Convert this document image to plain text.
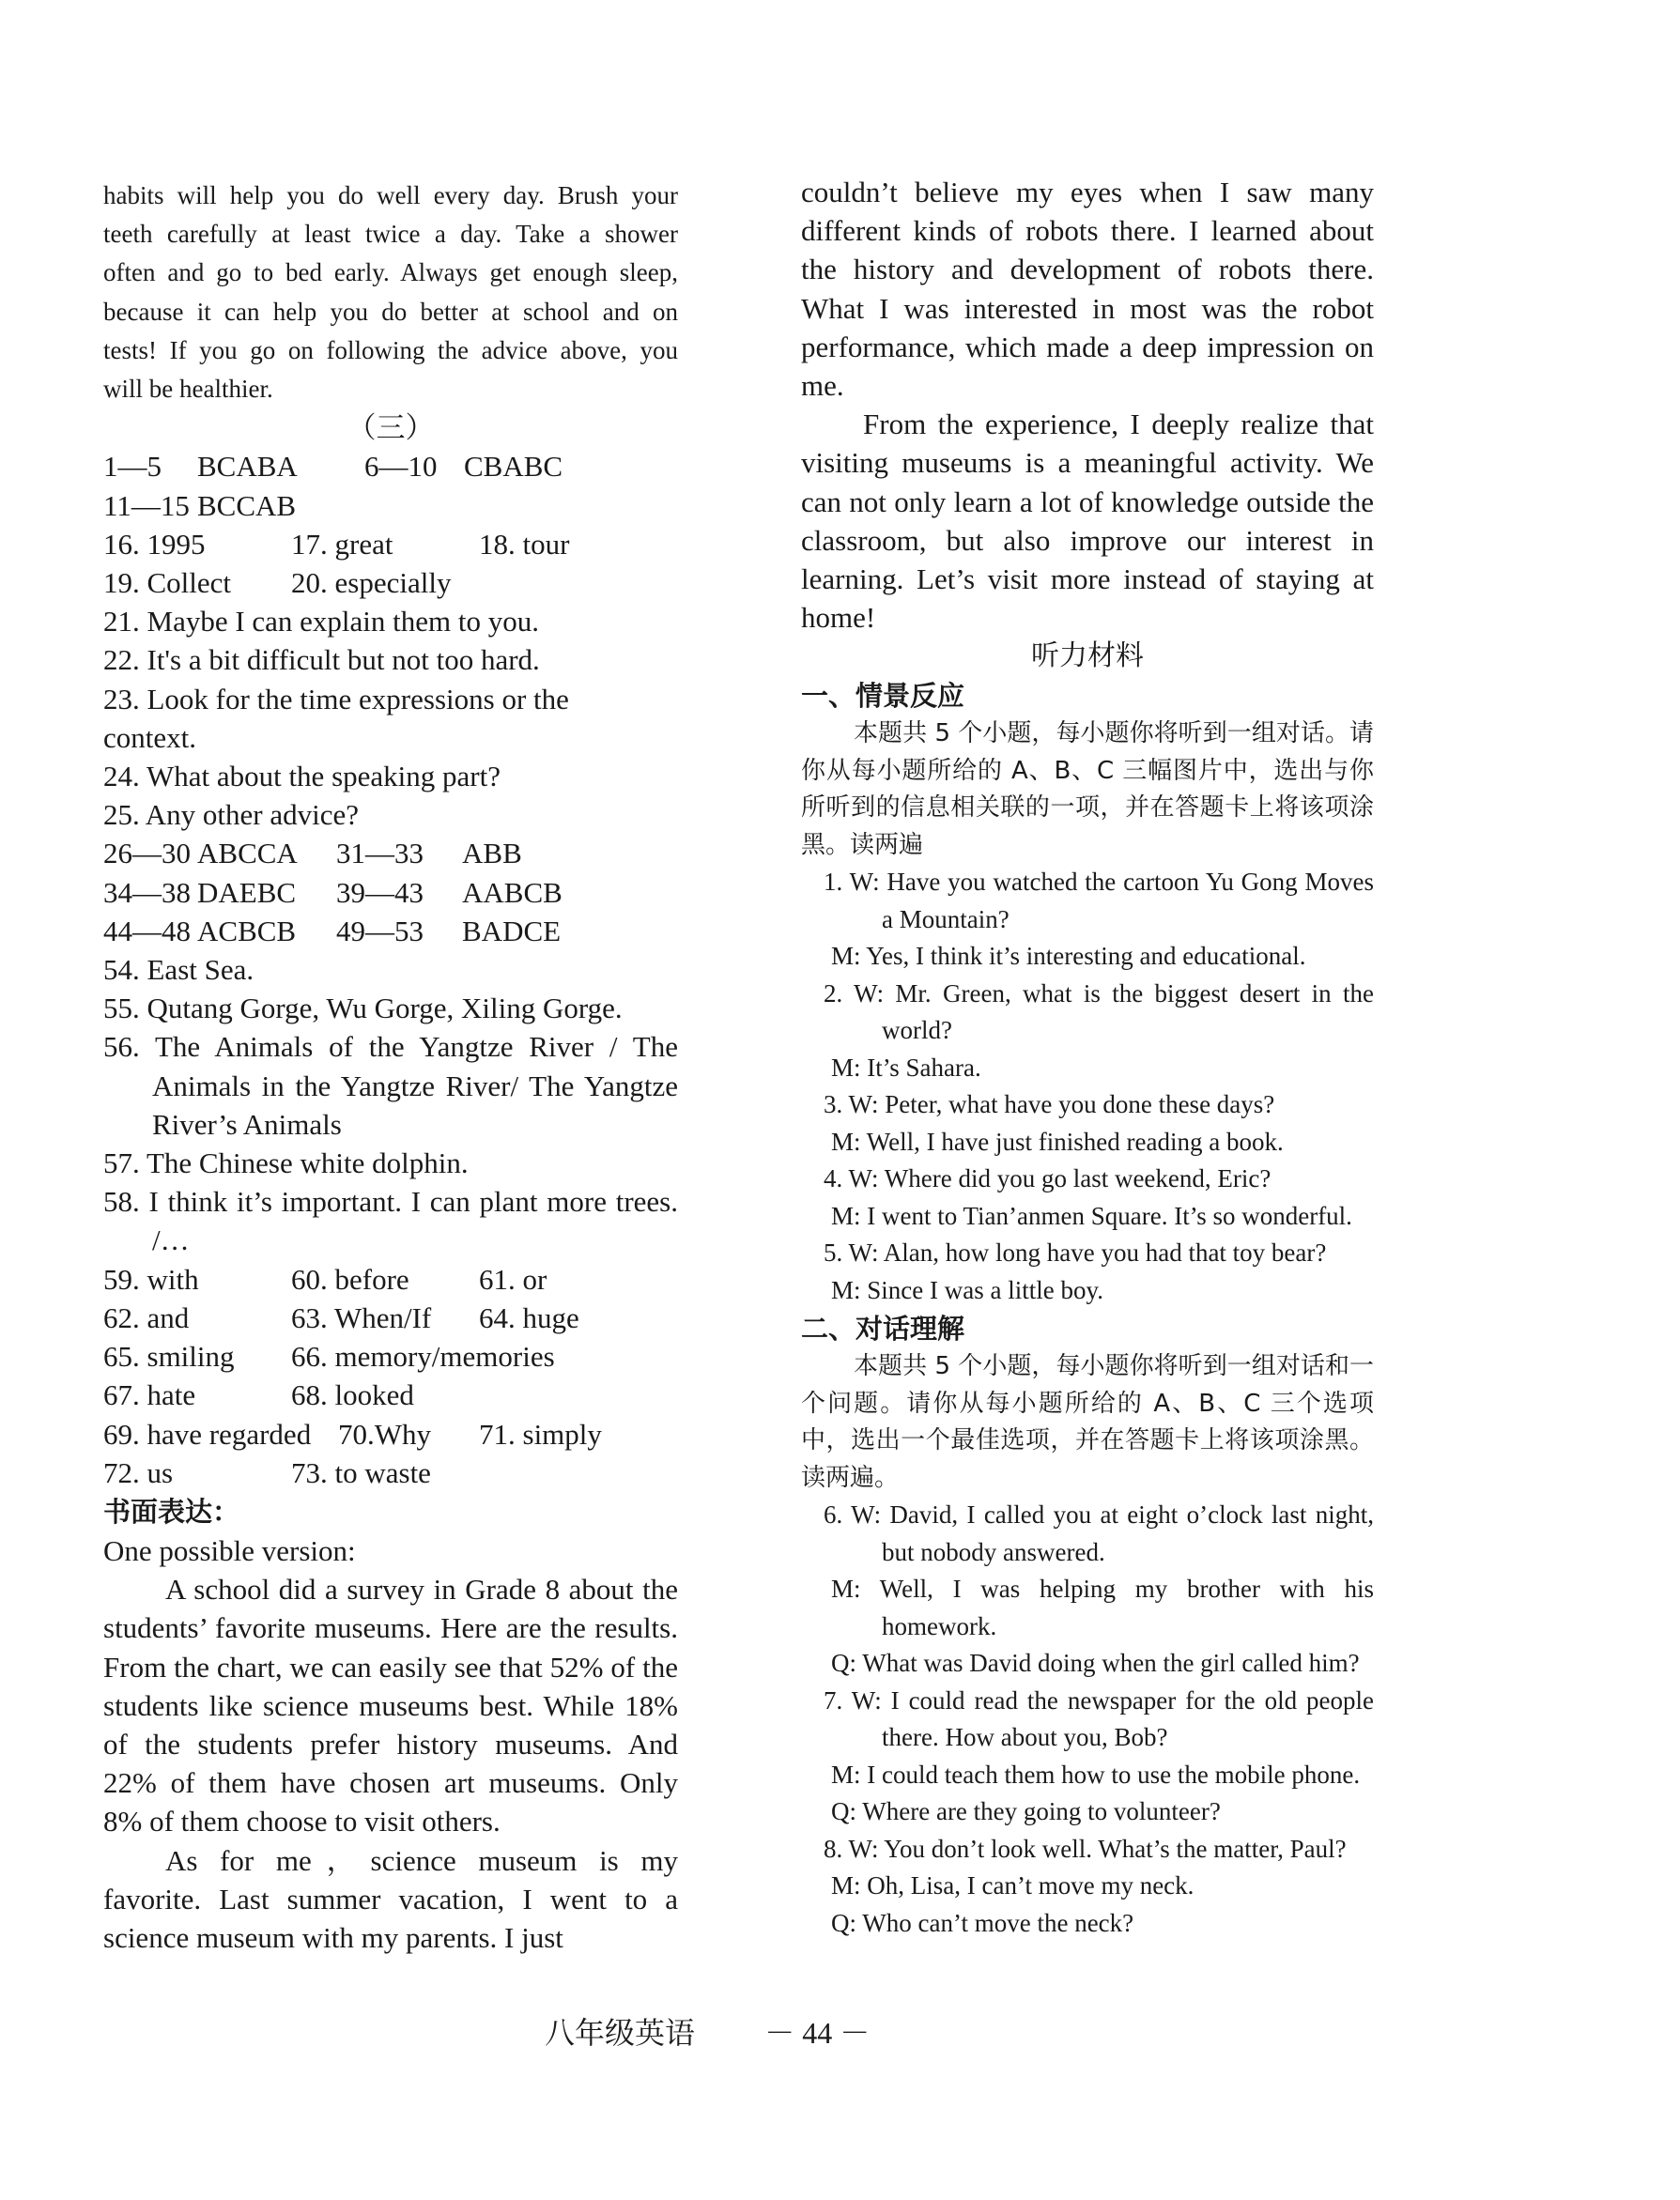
habits will help you do well every day. Brush your
teeth carefully at least twice a day. Take a shower
often and go to bed early. Always get enough sleep,
because it can help you do better at school and on
tests! If you go on following the advice above, you
will be healthier.
（三）
1—5	BCABA	6—10 CBABC
11—15 BCCAB
16. 1995	17. great	18. tour
19. Collect	20. especially
21. Maybe I can explain them to you.
22. It's a bit difficult but not too hard.
23. Look for the time expressions or the context.
24. What about the speaking part?
25. Any other advice?
26—30 ABCCA	31—33	ABB
34—38 DAEBC	39—43	AABCB
44—48 ACBCB	49—53	BADCE
54. East Sea.
55. Qutang Gorge, Wu Gorge, Xiling Gorge.
56. The Animals of the Yangtze River / The Animals in the Yangtze River/ The Yangtze River’s Animals
57. The Chinese white dolphin.
58. I think it’s important. I can plant more trees. /…
59. with	60. before	61. or
62. and	63. When/If	64. huge
65. smiling	66. memory/memories
67. hate	68. looked
69. have regarded 70.Why	71. simply
72. us	73. to waste
书面表达：
One possible version:
A school did a survey in Grade 8 about the students’ favorite museums. Here are the results. From the chart, we can easily see that 52% of the students like science museums best. While 18% of the students prefer history museums. And 22% of them have chosen art museums. Only 8% of them choose to visit others.
As for me，science museum is my favorite. Last summer vacation, I went to a science museum with my parents. I just
couldn’t believe my eyes when I saw many different kinds of robots there. I learned about the history and development of robots there. What I was interested in most was the robot performance, which made a deep impression on me.
From the experience, I deeply realize that visiting museums is a meaningful activity. We can not only learn a lot of knowledge outside the classroom, but also improve our interest in learning. Let’s visit more instead of staying at home!
听力材料
一、情景反应
本题共 5 个小题，每小题你将听到一组对话。请你从每小题所给的 A、B、C 三幅图片中，选出与你所听到的信息相关联的一项，并在答题卡上将该项涂黑。读两遍
1. W: Have you watched the cartoon Yu Gong Moves a Mountain?
M: Yes, I think it’s interesting and educational.
2. W: Mr. Green, what is the biggest desert in the world?
M: It’s Sahara.
3. W: Peter, what have you done these days?
M: Well, I have just finished reading a book.
4. W: Where did you go last weekend, Eric?
M: I went to Tian’anmen Square. It’s so wonderful.
5. W: Alan, how long have you had that toy bear?
M: Since I was a little boy.
二、对话理解
本题共 5 个小题，每小题你将听到一组对话和一个问题。请你从每小题所给的 A、B、C 三个选项中，选出一个最佳选项，并在答题卡上将该项涂黑。读两遍。
6. W: David, I called you at eight o’clock last night, but nobody answered.
M: Well, I was helping my brother with his homework.
Q: What was David doing when the girl called him?
7. W: I could read the newspaper for the old people there. How about you, Bob?
M: I could teach them how to use the mobile phone.
Q: Where are they going to volunteer?
8. W: You don’t look well. What’s the matter, Paul?
M: Oh, Lisa, I can’t move my neck.
Q: Who can’t move the neck?
八年级英语 － 44 －
